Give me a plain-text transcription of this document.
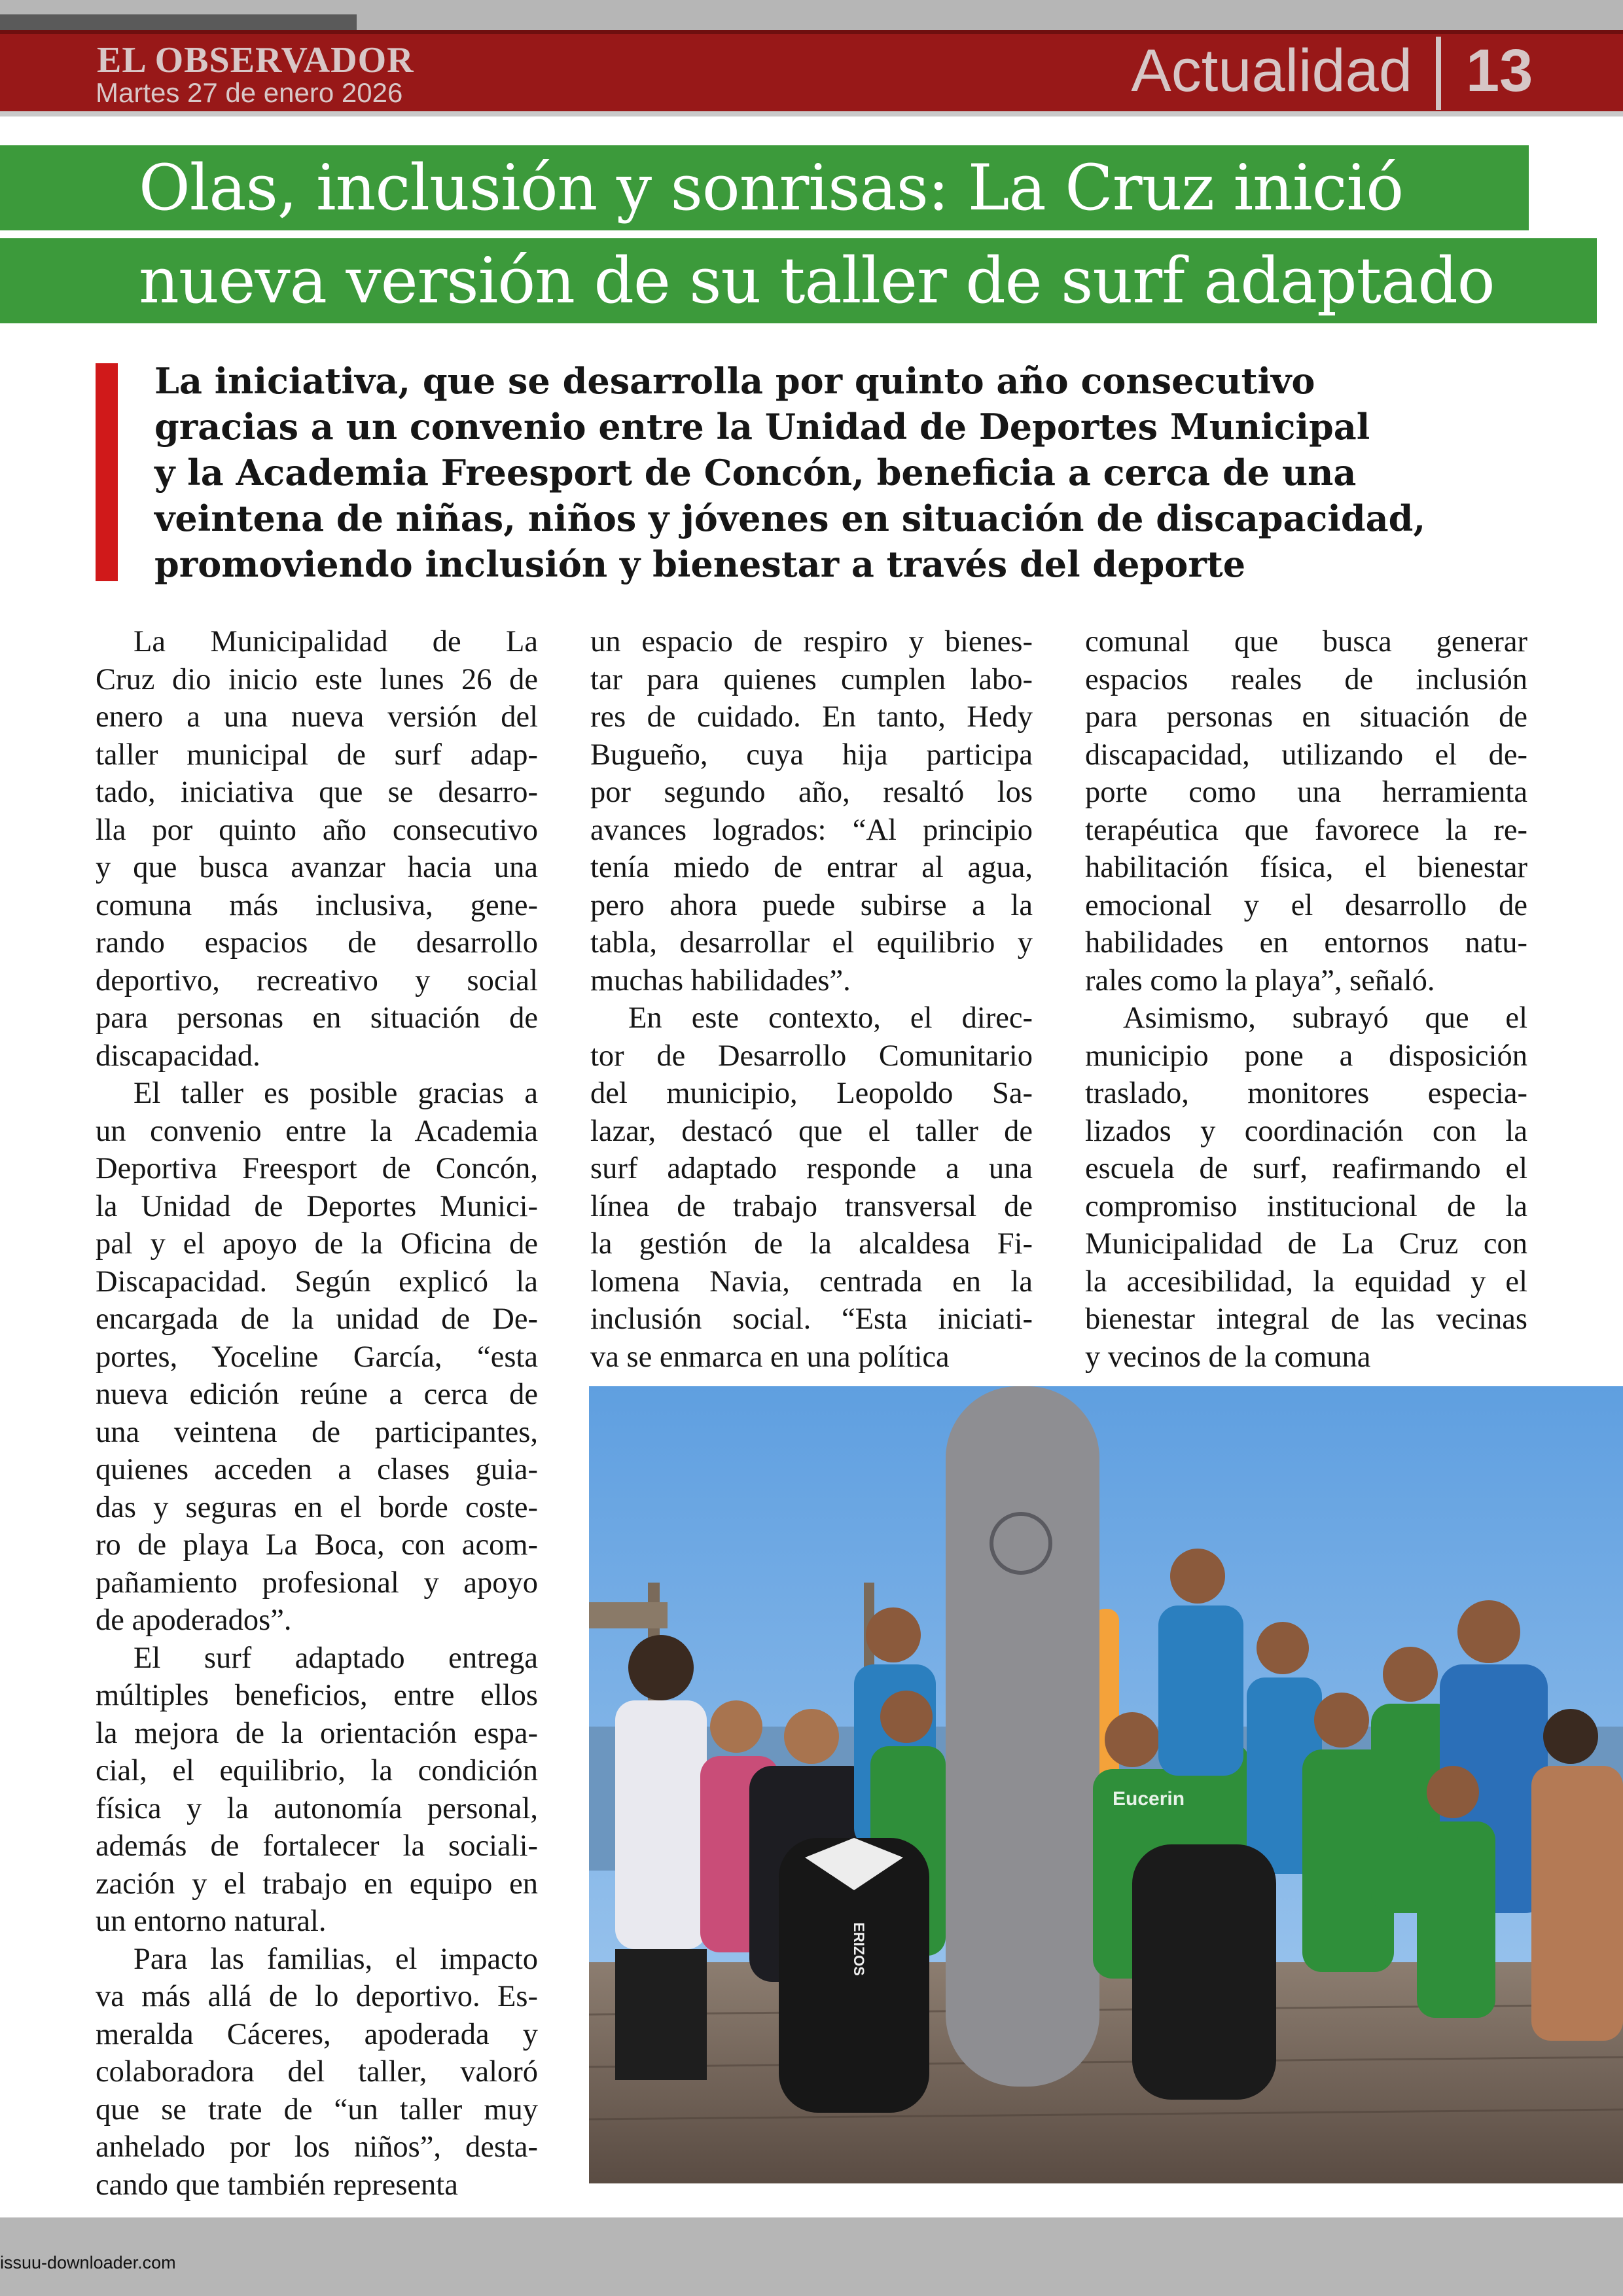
EL OBSERVADOR
Martes 27 de enero 2026	Actualidad 13
Olas, inclusión y sonrisas: La Cruz inició
nueva versión de su taller de surf adaptado
La iniciativa, que se desarrolla por quinto año consecutivo
gracias a un convenio entre la Unidad de Deportes Municipal
y la Academia Freesport de Concón, beneficia a cerca de una
veintena de niñas, niños y jóvenes en situación de discapacidad,
promoviendo inclusión y bienestar a través del deporte
La Municipalidad de La
Cruz dio inicio este lunes 26 de
enero a una nueva versión del
taller municipal de surf adap-
tado, iniciativa que se desarro-
lla por quinto año consecutivo
y que busca avanzar hacia una
comuna más inclusiva, gene-
rando espacios de desarrollo
deportivo, recreativo y social
para personas en situación de
discapacidad.
El taller es posible gracias a
un convenio entre la Academia
Deportiva Freesport de Concón,
la Unidad de Deportes Munici-
pal y el apoyo de la Oficina de
Discapacidad. Según explicó la
encargada de la unidad de De-
portes, Yoceline García, “esta
nueva edición reúne a cerca de
una veintena de participantes,
quienes acceden a clases guia-
das y seguras en el borde coste-
ro de playa La Boca, con acom-
pañamiento profesional y apoyo
de apoderados”.
El surf adaptado entrega
múltiples beneficios, entre ellos
la mejora de la orientación espa-
cial, el equilibrio, la condición
física y la autonomía personal,
además de fortalecer la sociali-
zación y el trabajo en equipo en
un entorno natural.
Para las familias, el impacto
va más allá de lo deportivo. Es-
meralda Cáceres, apoderada y
colaboradora del taller, valoró
que se trate de “un taller muy
anhelado por los niños”, desta-
cando que también representa
un espacio de respiro y bienes-
tar para quienes cumplen labo-
res de cuidado. En tanto, Hedy
Bugueño, cuya hija participa
por segundo año, resaltó los
avances logrados: “Al principio
tenía miedo de entrar al agua,
pero ahora puede subirse a la
tabla, desarrollar el equilibrio y
muchas habilidades”.
En este contexto, el direc-
tor de Desarrollo Comunitario
del municipio, Leopoldo Sa-
lazar, destacó que el taller de
surf adaptado responde a una
línea de trabajo transversal de
la gestión de la alcaldesa Fi-
lomena Navia, centrada en la
inclusión social. “Esta iniciati-
va se enmarca en una política
comunal que busca generar
espacios reales de inclusión
para personas en situación de
discapacidad, utilizando el de-
porte como una herramienta
terapéutica que favorece la re-
habilitación física, el bienestar
emocional y el desarrollo de
habilidades en entornos natu-
rales como la playa”, señaló.
Asimismo, subrayó que el
municipio pone a disposición
traslado, monitores especia-
lizados y coordinación con la
escuela de surf, reafirmando el
compromiso institucional de la
Municipalidad de La Cruz con
la accesibilidad, la equidad y el
bienestar integral de las vecinas
y vecinos de la comuna
ERIZOS
Eucerin
issuu-downloader.com
